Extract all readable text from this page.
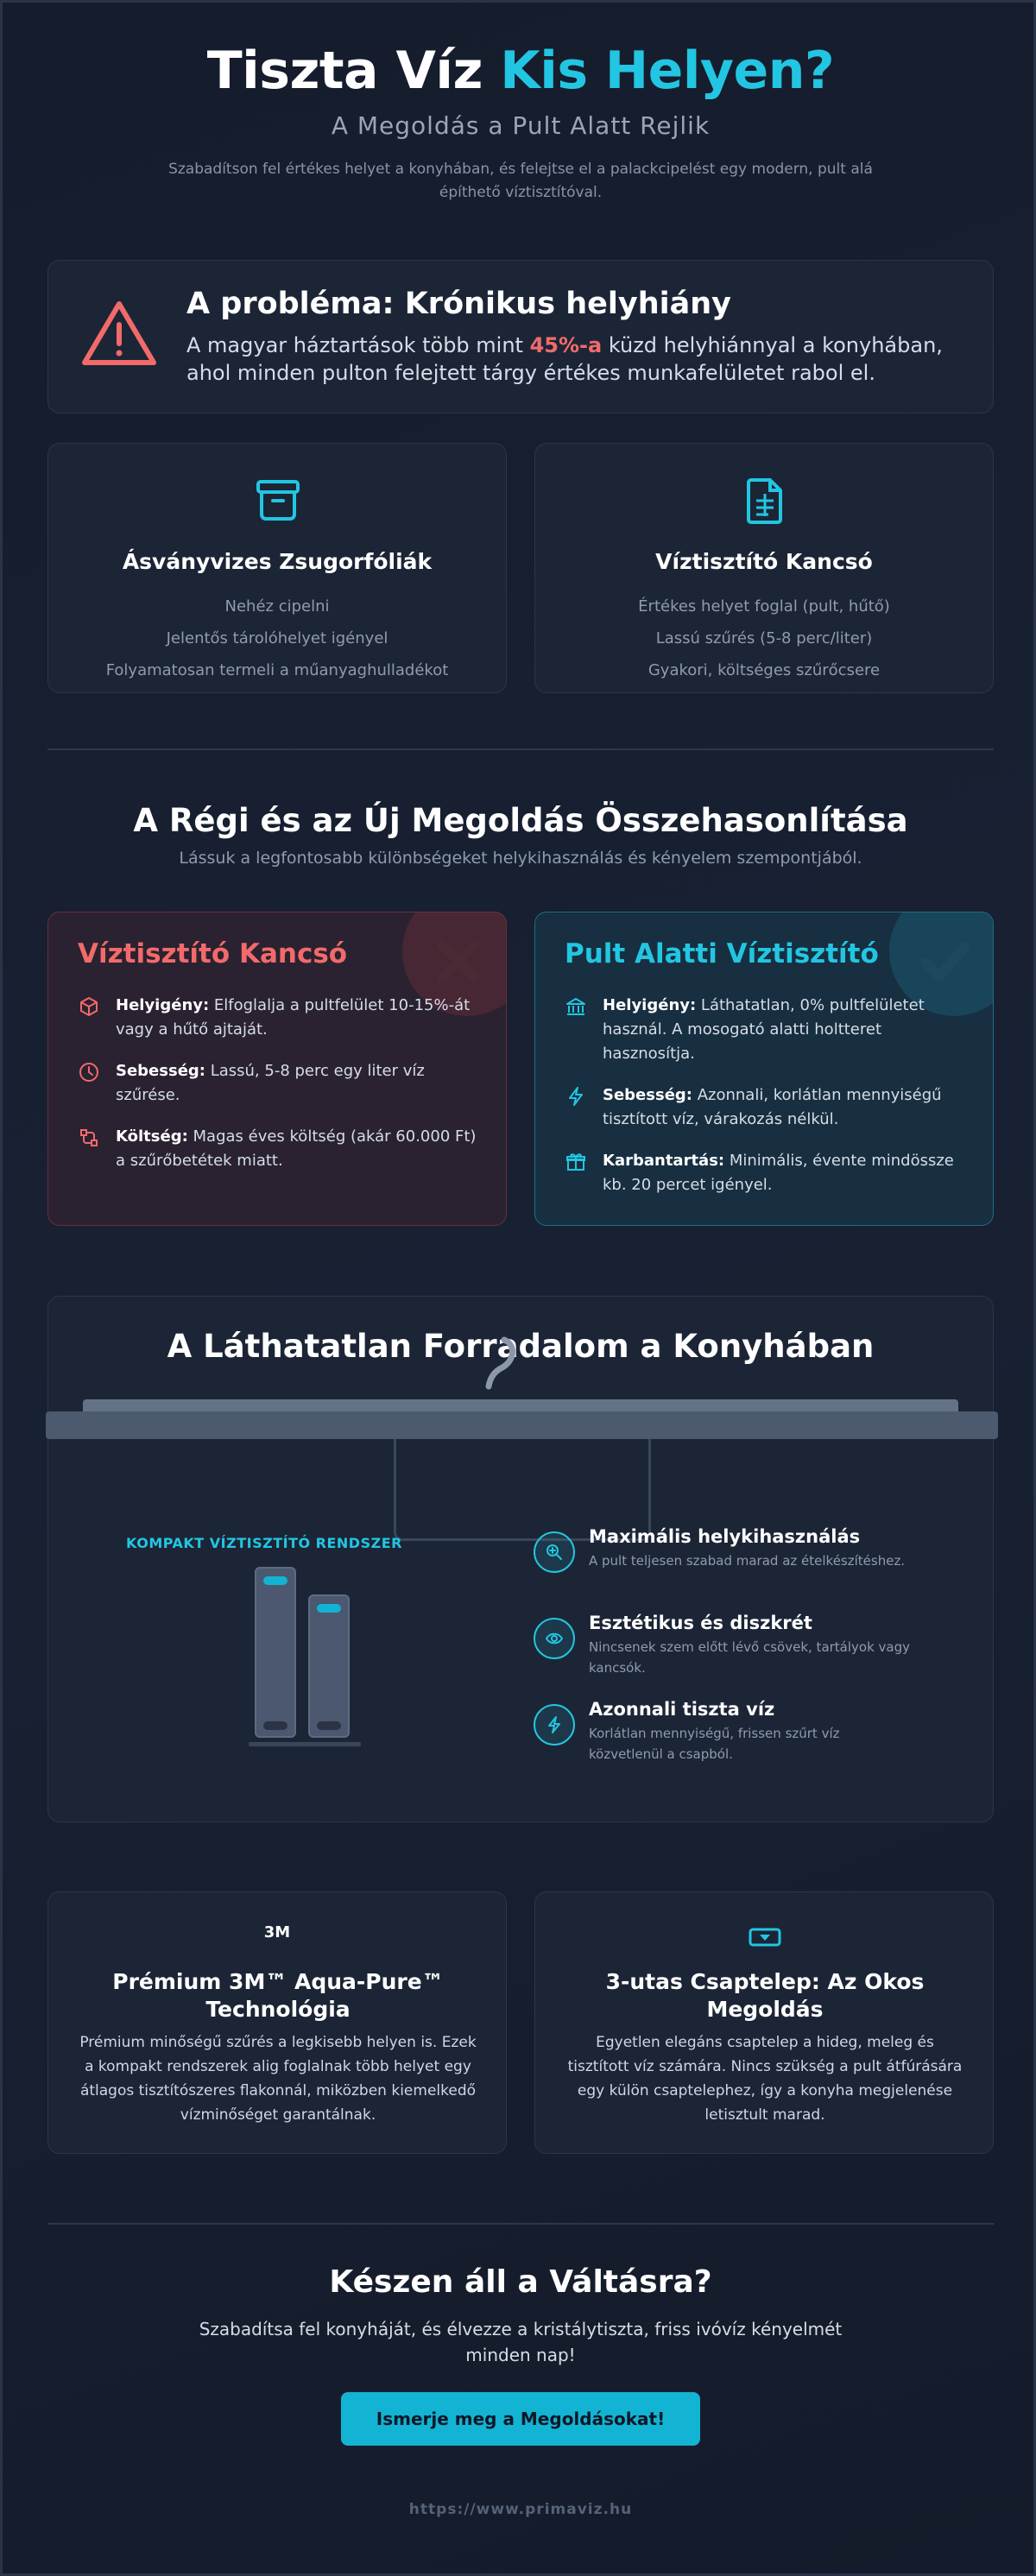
Tiszta Víz Kis Helyen?
A Megoldás a Pult Alatt Rejlik
Szabadítson fel értékes helyet a konyhában, és felejtse el a palackcipelést egy modern, pult alá építhető víztisztítóval.
A probléma: Krónikus helyhiány

A magyar háztartások több mint 45%-a küzd helyhiánnyal a konyhában, ahol minden pulton felejtett tárgy értékes munkafelületet rabol el.

Ásványvizes Zsugorfóliák
Nehéz cipelni
Jelentős tárolóhelyet igényel
Folyamatosan termeli a műanyaghulladékot
Víztisztító Kancsó
Értékes helyet foglal (pult, hűtő)
Lassú szűrés (5-8 perc/liter)
Gyakori, költséges szűrőcsere
A Régi és az Új Megoldás Összehasonlítása
Lássuk a legfontosabb különbségeket helykihasználás és kényelem szempontjából.
Víztisztító Kancsó
Helyigény: Elfoglalja a pultfelület 10-15%-át vagy a hűtő ajtaját.
Sebesség: Lassú, 5-8 perc egy liter víz szűrése.
Költség: Magas éves költség (akár 60.000 Ft) a szűrőbetétek miatt.
Pult Alatti Víztisztító
Helyigény: Láthatatlan, 0% pultfelületet használ. A mosogató alatti holtteret hasznosítja.
Sebesség: Azonnali, korlátlan mennyiségű tisztított víz, várakozás nélkül.
Karbantartás: Minimális, évente mindössze kb. 20 percet igényel.
A Láthatatlan Forradalom a Konyhában
KOMPAKT VÍZTISZTÍTÓ RENDSZER	Maximális helykihasználás
A pult teljesen szabad marad az ételkészítéshez.
Esztétikus és diszkrét
Nincsenek szem előtt lévő csövek, tartályok vagy kancsók.
Azonnali tiszta víz
Korlátlan mennyiségű, frissen szűrt víz közvetlenül a csapból.
3M
Prémium 3M™ Aqua-Pure™ Technológia

Prémium minőségű szűrés a legkisebb helyen is. Ezek a kompakt rendszerek alig foglalnak több helyet egy átlagos tisztítószeres flakonnál, miközben kiemelkedő vízminőséget garantálnak.

3-utas Csaptelep: Az Okos Megoldás

Egyetlen elegáns csaptelep a hideg, meleg és tisztított víz számára. Nincs szükség a pult átfúrására egy külön csaptelephez, így a konyha megjelenése letisztult marad.

Készen áll a Váltásra?
Szabadítsa fel konyháját, és élvezze a kristálytiszta, friss ivóvíz kényelmét minden nap!
Ismerje meg a Megoldásokat!
https://www.primaviz.hu
